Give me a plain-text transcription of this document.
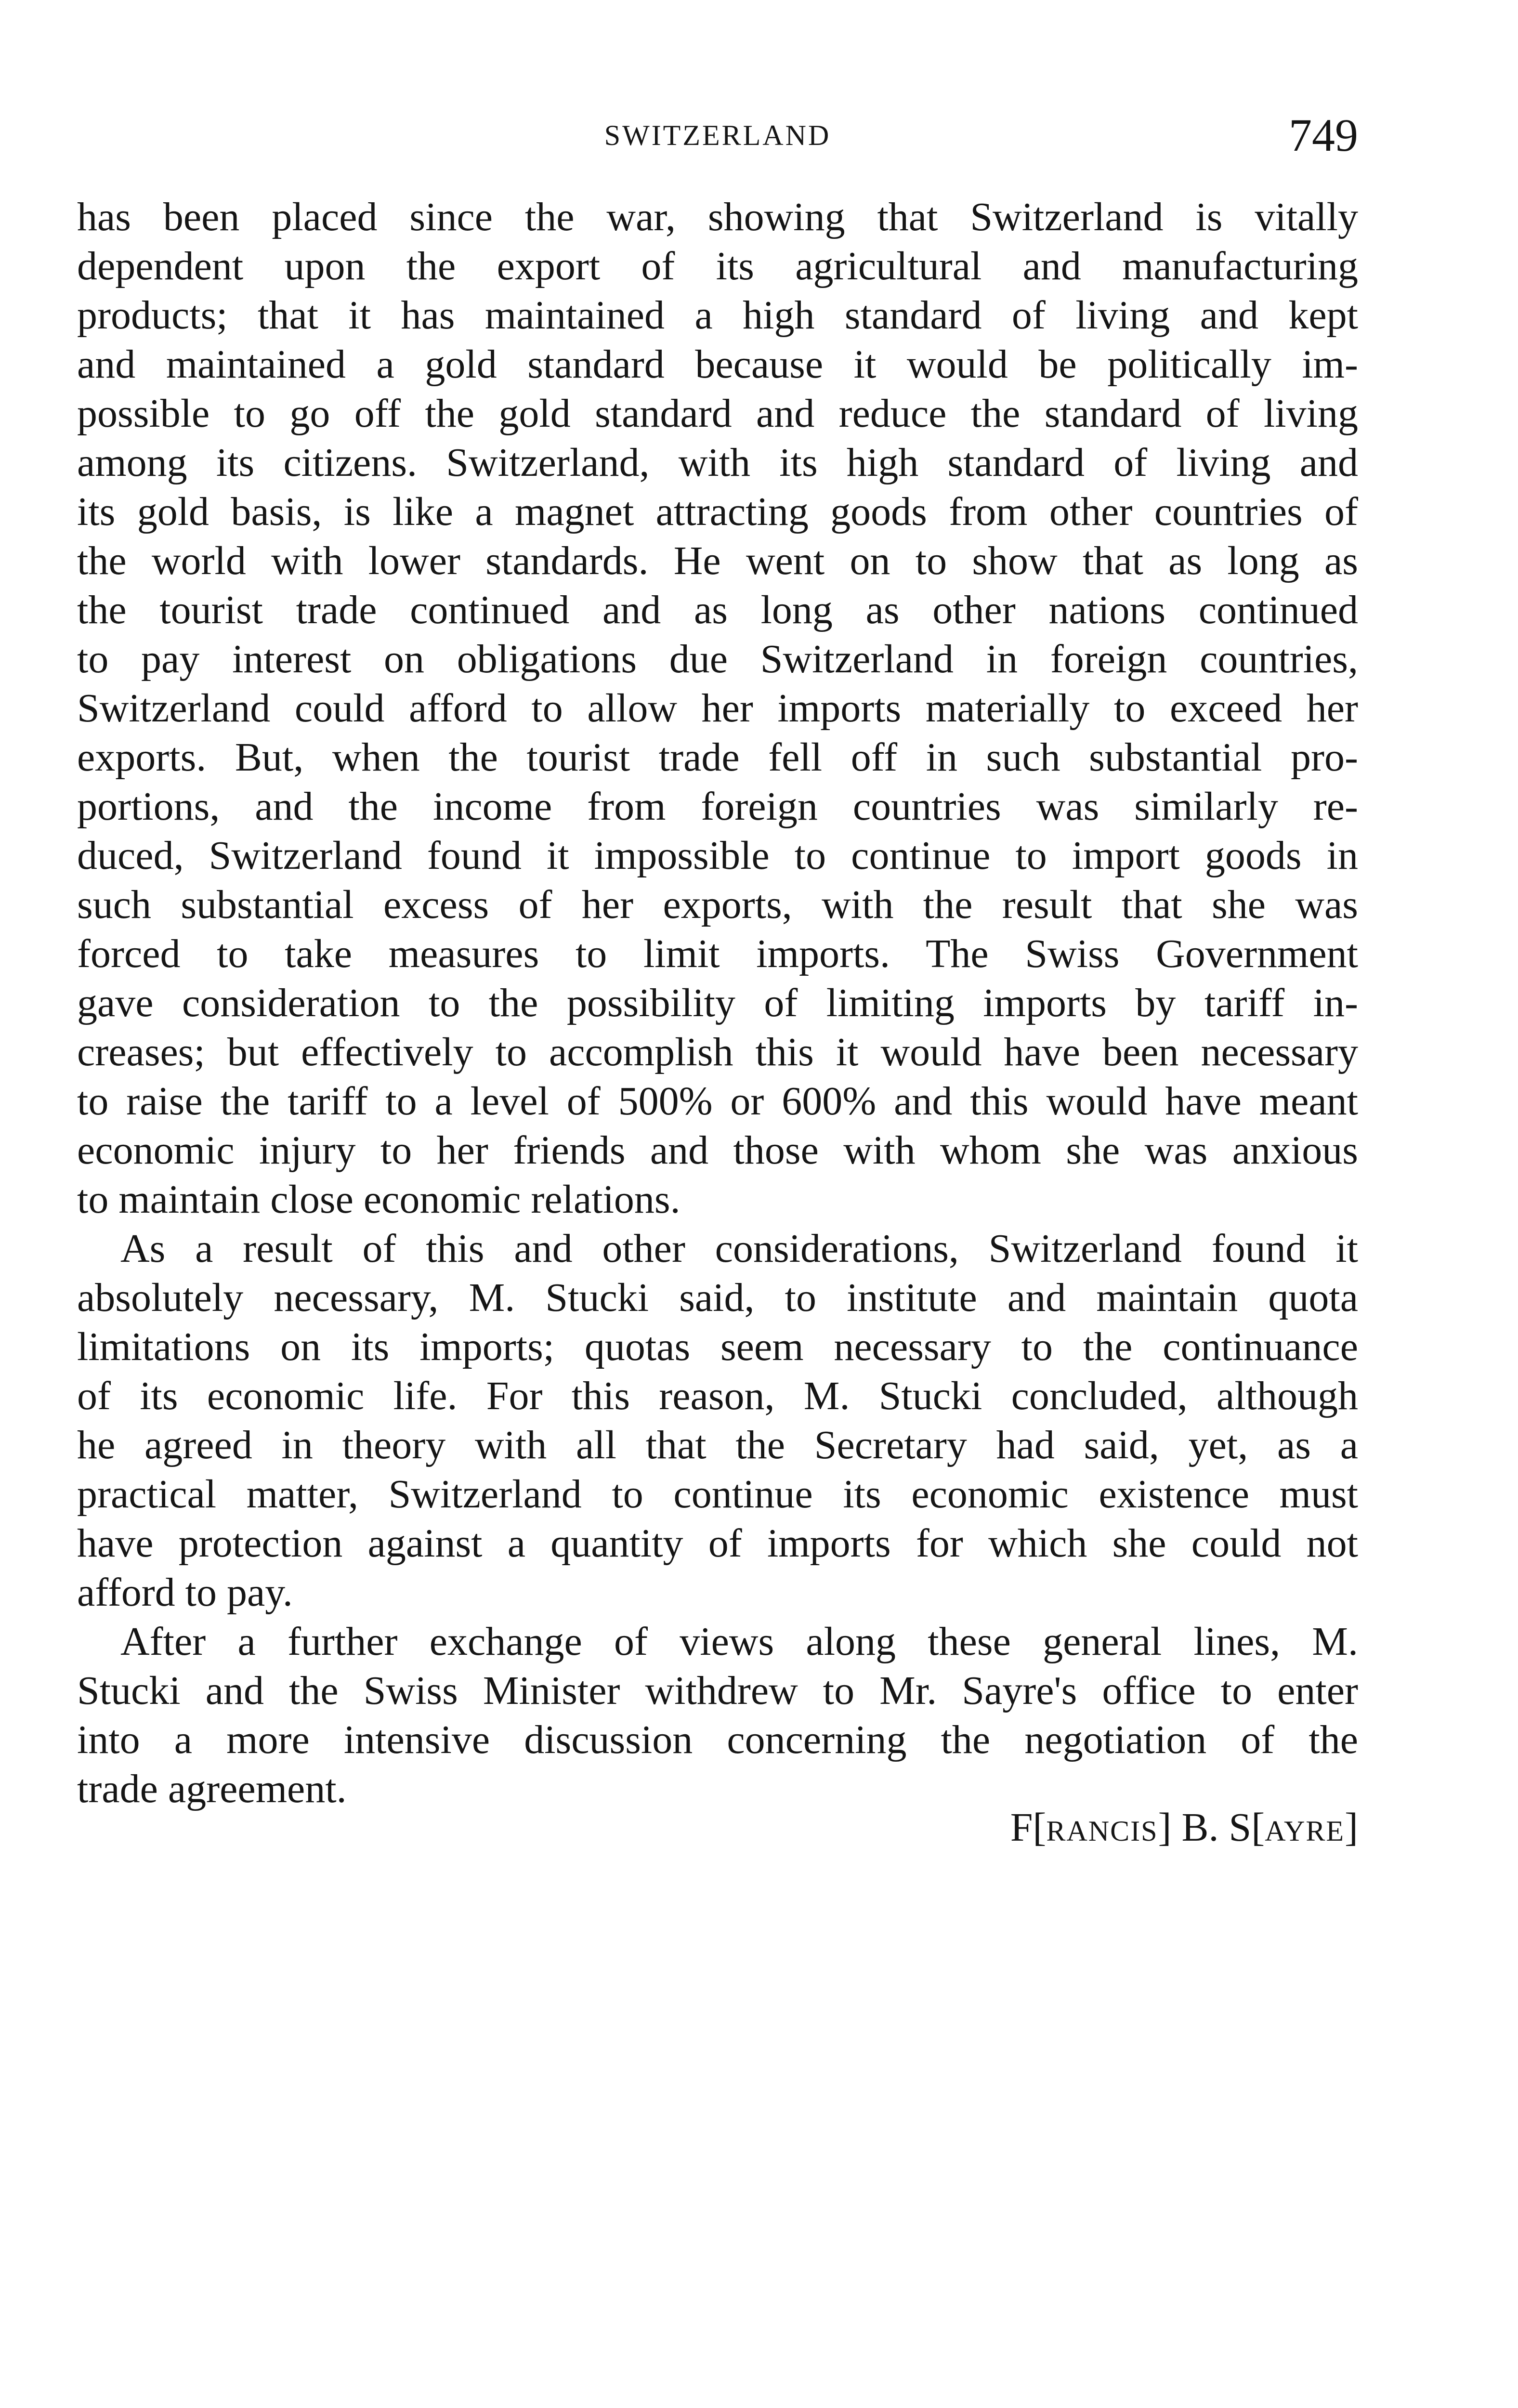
SWITZERLAND	749
has been placed since the war, showing that Switzerland is vitally
dependent upon the export of its agricultural and manufacturing
products; that it has maintained a high standard of living and kept
and maintained a gold standard because it would be politically im-
possible to go off the gold standard and reduce the standard of living
among its citizens. Switzerland, with its high standard of living and
its gold basis, is like a magnet attracting goods from other countries of
the world with lower standards. He went on to show that as long as
the tourist trade continued and as long as other nations continued
to pay interest on obligations due Switzerland in foreign countries,
Switzerland could afford to allow her imports materially to exceed her
exports. But, when the tourist trade fell off in such substantial pro-
portions, and the income from foreign countries was similarly re-
duced, Switzerland found it impossible to continue to import goods in
such substantial excess of her exports, with the result that she was
forced to take measures to limit imports. The Swiss Government
gave consideration to the possibility of limiting imports by tariff in-
creases; but effectively to accomplish this it would have been necessary
to raise the tariff to a level of 500% or 600% and this would have meant
economic injury to her friends and those with whom she was anxious
to maintain close economic relations.
As a result of this and other considerations, Switzerland found it
absolutely necessary, M. Stucki said, to institute and maintain quota
limitations on its imports; quotas seem necessary to the continuance
of its economic life. For this reason, M. Stucki concluded, although
he agreed in theory with all that the Secretary had said, yet, as a
practical matter, Switzerland to continue its economic existence must
have protection against a quantity of imports for which she could not
afford to pay.
After a further exchange of views along these general lines, M.
Stucki and the Swiss Minister withdrew to Mr. Sayre's office to enter
into a more intensive discussion concerning the negotiation of the
trade agreement.
F[RANCIS] B. S[AYRE]
